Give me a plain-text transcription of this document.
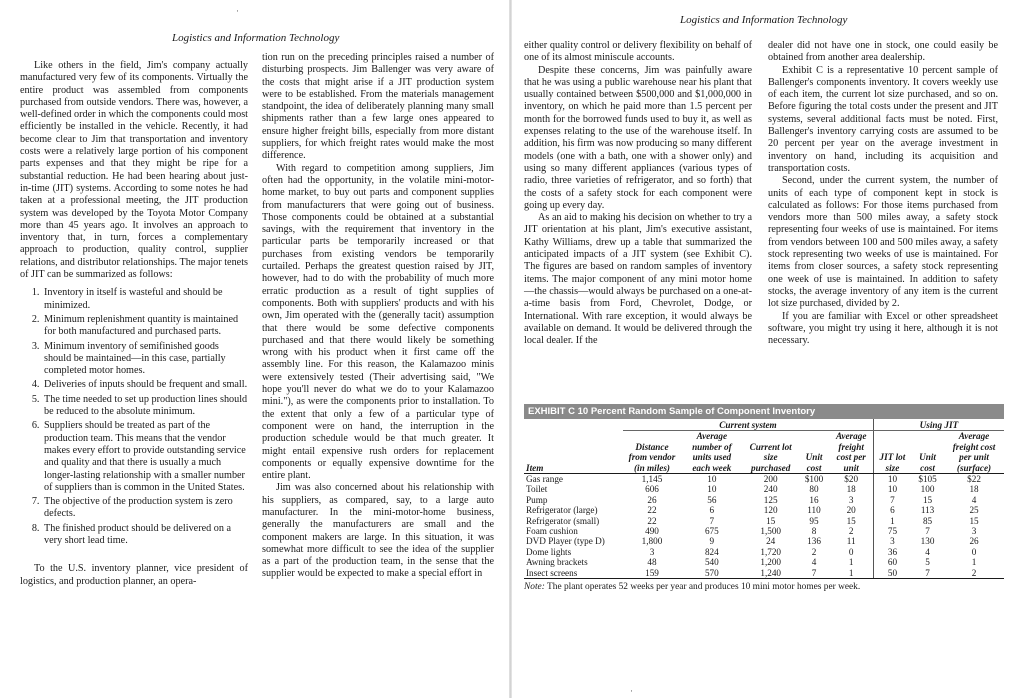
Logistics and Information Technology

Like others in the field, Jim's company actually manufactured very few of its components. Virtually the entire product was assembled from components purchased from outside vendors. There was, however, a well-defined order in which the components could most efficiently be installed in the vehicle. Recently, it had become clear to Jim that transportation and inventory costs were a relatively large portion of his component parts expenses and that they might be ripe for a substantial reduction. He had been hearing about just-in-time (JIT) systems. According to some notes he had taken at a professional meeting, the JIT production system was developed by the Toyota Motor Company more than 45 years ago. It involves an approach to inventory that, in turn, forces a complementary approach to production, quality control, supplier relations, and distributor relationships. The major tenets of JIT can be summarized as follows:

1. Inventory in itself is wasteful and should be minimized.
2. Minimum replenishment quantity is maintained for both manufactured and purchased parts.
3. Minimum inventory of semifinished goods should be maintained—in this case, partially completed motor homes.
4. Deliveries of inputs should be frequent and small.
5. The time needed to set up production lines should be reduced to the absolute minimum.
6. Suppliers should be treated as part of the production team. This means that the vendor makes every effort to provide outstanding service and quality and that there is usually a much longer-lasting relationship with a smaller number of suppliers than is common in the United States.
7. The objective of the production system is zero defects.
8. The finished product should be delivered on a very short lead time.

To the U.S. inventory planner, vice president of logistics, and production planner, an opera-

tion run on the preceding principles raised a number of disturbing prospects. Jim Ballenger was very aware of the costs that might arise if a JIT production system were to be established. From the materials management standpoint, the idea of deliberately planning many small shipments rather than a few large ones appeared to ensure higher freight bills, especially from more distant suppliers, for which freight rates would make the most difference.

With regard to competition among suppliers, Jim often had the opportunity, in the volatile mini-motor-home market, to buy out parts and component supplies from manufacturers that were going out of business. Those components could be obtained at a substantial savings, with the requirement that inventory in the particular parts be temporarily increased or that purchases from existing vendors be temporarily curtailed. Perhaps the greatest question raised by JIT, however, had to do with the probability of much more erratic production as a result of tight supplies of components. Both with suppliers' products and with his own, Jim operated with the (generally tacit) assumption that there would be some defective components purchased and that there would likely be something wrong with his product when it first came off the assembly line. For this reason, the Kalamazoo minis were extensively tested (Their advertising said, "We hope you'll never do what we do to your Kalamazoo mini."), as were the components prior to installation. To the extent that only a few of a particular type of component were on hand, the interruption in the production schedule would be that much greater. It might entail expensive rush orders for replacement components or equally expensive downtime for the entire plant.

Jim was also concerned about his relationship with his suppliers, as compared, say, to a large auto manufacturer. In the mini-motor-home business, generally the manufacturers are small and the component makers are large. In this situation, it was somewhat more difficult to see the idea of the supplier as a part of the production team, in the sense that the supplier would be expected to make a special effort in

·
Logistics and Information Technology

either quality control or delivery flexibility on behalf of one of its almost miniscule accounts.

Despite these concerns, Jim was painfully aware that he was using a public warehouse near his plant that usually contained between $500,000 and $1,000,000 in inventory, on which he paid more than 1.5 percent per month for the borrowed funds used to buy it, as well as expenses relating to the use of the warehouse itself. In addition, his firm was now producing so many different models (one with a bath, one with a shower only) and using so many different appliances (various types of radio, three varieties of refrigerator, and so forth) that the costs of a safety stock for each component were going up every day.

As an aid to making his decision on whether to try a JIT orientation at his plant, Jim's executive assistant, Kathy Williams, drew up a table that summarized the anticipated impacts of a JIT system (see Exhibit C). The figures are based on random samples of inventory items. The major component of any mini motor home—the chassis—would always be purchased on a one-at-a-time basis from Ford, Chevrolet, Dodge, or International. With rare exception, it would always be available on demand. It would be delivered through the local dealer. If the

dealer did not have one in stock, one could easily be obtained from another area dealership.

Exhibit C is a representative 10 percent sample of Ballenger's components inventory. It covers weekly use of each item, the current lot size purchased, and so on. Before figuring the total costs under the present and JIT systems, several additional facts must be noted. First, Ballenger's inventory carrying costs are assumed to be 20 percent per year on the average investment in inventory on hand, including its acquisition and transportation costs.

Second, under the current system, the number of units of each type of component kept in stock is calculated as follows: For those items purchased from vendors more than 500 miles away, a safety stock representing four weeks of use is maintained. For items from vendors between 100 and 500 miles away, a safety stock representing two weeks of use is maintained. For items from closer sources, a safety stock representing one week of use is maintained. In addition to safety stocks, the average inventory of any item is the current lot size purchased, divided by 2.

If you are familiar with Excel or other spreadsheet software, you might try using it here, although it is not necessary.

EXHIBIT C 10 Percent Random Sample of Component Inventory
	Current system					Using JIT		
Item	Distance from vendor (in miles)	Average number of units used each week	Current lot size purchased	Unit cost	Average freight cost per unit	JIT lot size	Unit cost	Average freight cost per unit (surface)
Gas range	1,145	10	200	$100	$20	10	$105	$22
Toilet	606	10	240	80	18	10	100	18
Pump	26	56	125	16	3	7	15	4
Refrigerator (large)	22	6	120	110	20	6	113	25
Refrigerator (small)	22	7	15	95	15	1	85	15
Foam cushion	490	675	1,500	8	2	75	7	3
DVD Player (type D)	1,800	9	24	136	11	3	130	26
Dome lights	3	824	1,720	2	0	36	4	0
Awning brackets	48	540	1,200	4	1	60	5	1
Insect screens	159	570	1,240	7	1	50	7	2
Note: The plant operates 52 weeks per year and produces 10 mini motor homes per week.
·
